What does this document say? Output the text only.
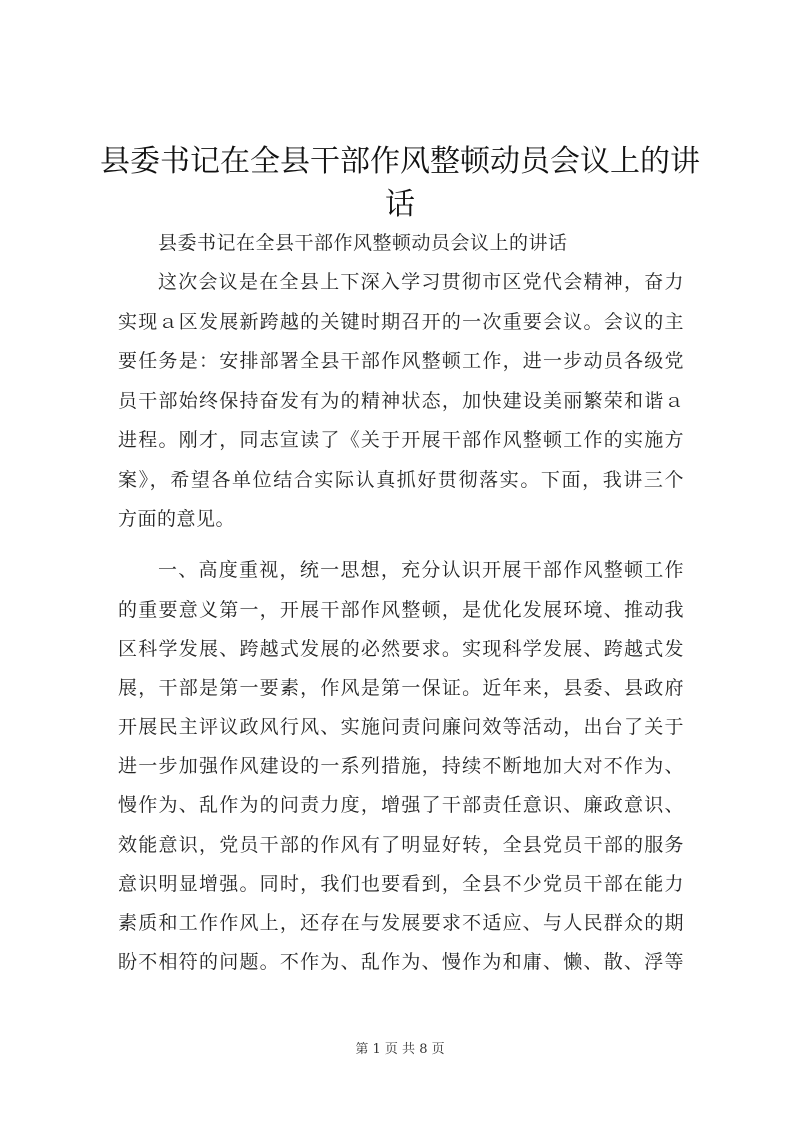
县委书记在全县干部作风整顿动员会议上的讲
话
县委书记在全县干部作风整顿动员会议上的讲话
这次会议是在全县上下深入学习贯彻市区党代会精神，奋力
实现ａ区发展新跨越的关键时期召开的一次重要会议。会议的主
要任务是：安排部署全县干部作风整顿工作，进一步动员各级党
员干部始终保持奋发有为的精神状态，加快建设美丽繁荣和谐ａ
进程。刚才，同志宣读了《关于开展干部作风整顿工作的实施方
案》，希望各单位结合实际认真抓好贯彻落实。下面，我讲三个
方面的意见。
一、高度重视，统一思想，充分认识开展干部作风整顿工作
的重要意义第一，开展干部作风整顿，是优化发展环境、推动我
区科学发展、跨越式发展的必然要求。实现科学发展、跨越式发
展，干部是第一要素，作风是第一保证。近年来，县委、县政府
开展民主评议政风行风、实施问责问廉问效等活动，出台了关于
进一步加强作风建设的一系列措施，持续不断地加大对不作为、
慢作为、乱作为的问责力度，增强了干部责任意识、廉政意识、
效能意识，党员干部的作风有了明显好转，全县党员干部的服务
意识明显增强。同时，我们也要看到，全县不少党员干部在能力
素质和工作作风上，还存在与发展要求不适应、与人民群众的期
盼不相符的问题。不作为、乱作为、慢作为和庸、懒、散、浮等
第 1 页 共 8 页
